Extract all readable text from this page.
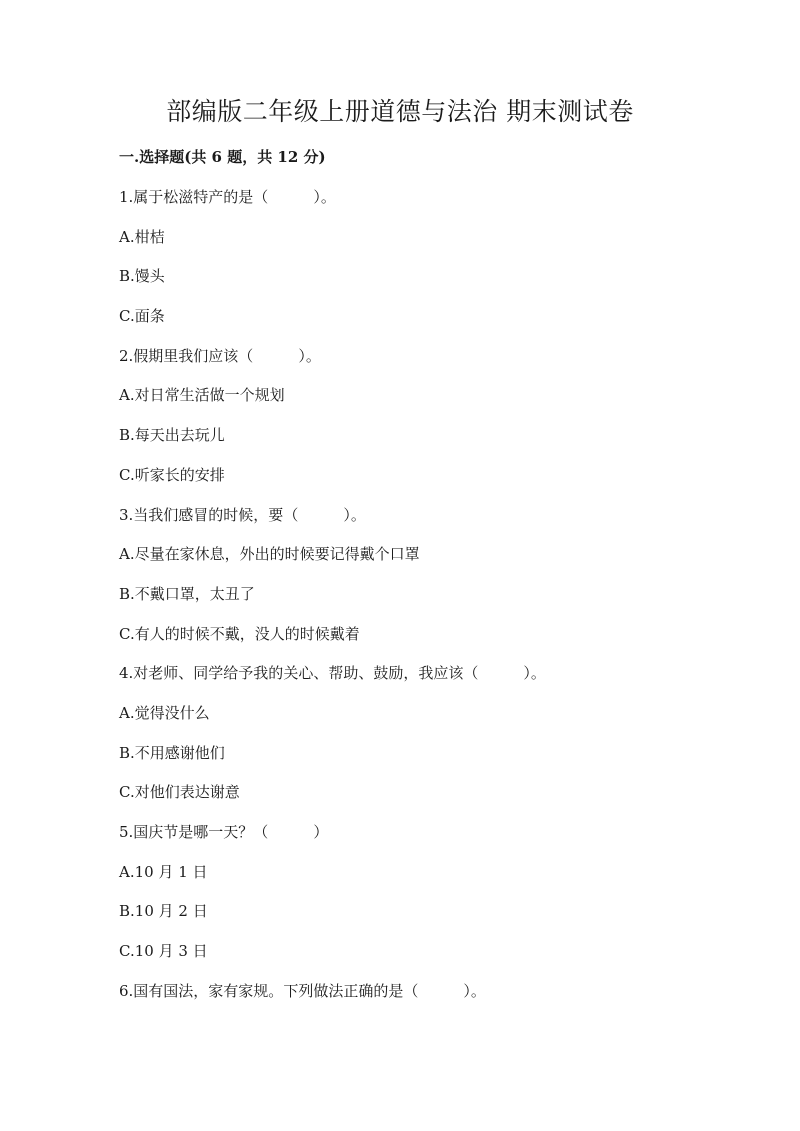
部编版二年级上册道德与法治 期末测试卷
一.选择题(共 6 题，共 12 分)
1.属于松滋特产的是（　　　）。
A.柑桔
B.馒头
C.面条
2.假期里我们应该（　　　）。
A.对日常生活做一个规划
B.每天出去玩儿
C.听家长的安排
3.当我们感冒的时候，要（　　　）。
A.尽量在家休息，外出的时候要记得戴个口罩
B.不戴口罩，太丑了
C.有人的时候不戴，没人的时候戴着
4.对老师、同学给予我的关心、帮助、鼓励，我应该（　　　）。
A.觉得没什么
B.不用感谢他们
C.对他们表达谢意
5.国庆节是哪一天？（　　　）
A.10 月 1 日
B.10 月 2 日
C.10 月 3 日
6.国有国法，家有家规。下列做法正确的是（　　　）。
